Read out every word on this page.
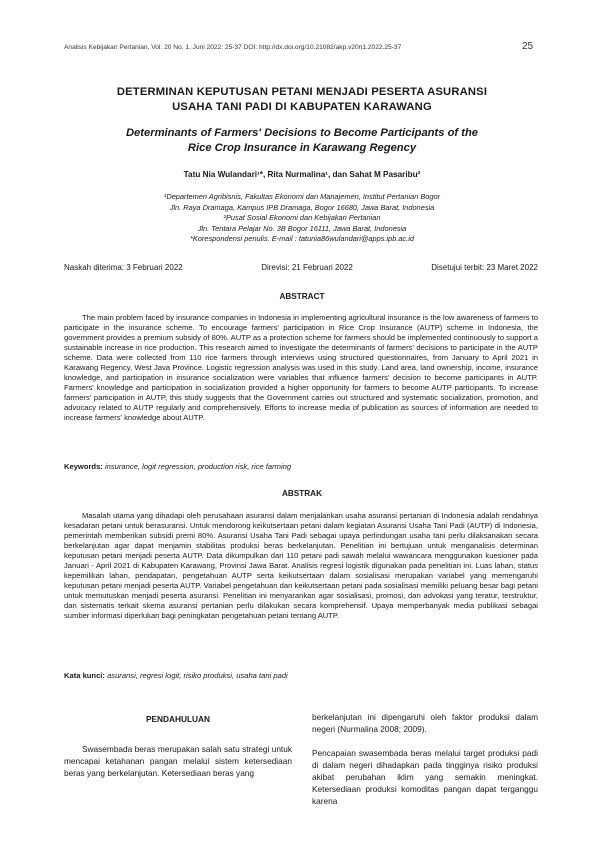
Analisis Kebijakan Pertanian, Vol. 20 No. 1, Juni 2022: 25-37 DOI: http://dx.doi.org/10.21082/akp.v20n1.2022.25-37	25
DETERMINAN KEPUTUSAN PETANI MENJADI PESERTA ASURANSI
USAHA TANI PADI DI KABUPATEN KARAWANG
Determinants of Farmers' Decisions to Become Participants of the
Rice Crop Insurance in Karawang Regency
Tatu Nia Wulandari¹*, Rita Nurmalina¹, dan Sahat M Pasaribu²
¹Departemen Agribisnis, Fakultas Ekonomi dan Manajemen, Institut Pertanian Bogor
Jln. Raya Dramaga, Kampus IPB Dramaga, Bogor 16680, Jawa Barat, Indonesia
²Pusat Sosial Ekonomi dan Kebijakan Pertanian
Jln. Tentara Pelajar No. 3B Bogor 16111, Jawa Barat, Indonesia
*Korespondensi penulis. E-mail : tatunia86wulandari@apps.ipb.ac.id
Naskah diterima: 3 Februari 2022	Direvisi: 21 Februari 2022	Disetujui terbit: 23 Maret 2022
ABSTRACT
The main problem faced by insurance companies in Indonesia in implementing agricultural insurance is the low awareness of farmers to participate in the insurance scheme. To encourage farmers' participation in Rice Crop Insurance (AUTP) scheme in Indonesia, the government provides a premium subsidy of 80%. AUTP as a protection scheme for farmers should be implemented continuously to support a sustainable increase in rice production. This research aimed to investigate the determinants of farmers' decisions to participate in the AUTP scheme. Data were collected from 110 rice farmers through interviews using structured questionnaires, from January to April 2021 in Karawang Regency, West Java Province. Logistic regression analysis was used in this study. Land area, land ownership, income, insurance knowledge, and participation in insurance socialization were variables that influence farmers' decision to become participants in AUTP. Farmers' knowledge and participation in socialization provided a higher opportunity for farmers to become AUTP participants. To increase farmers' participation in AUTP, this study suggests that the Government carries out structured and systematic socialization, promotion, and advocacy related to AUTP regularly and comprehensively. Efforts to increase media of publication as sources of information are needed to increase farmers' knowledge about AUTP.
Keywords: insurance, logit regression, production risk, rice farming
ABSTRAK
Masalah utama yang dihadapi oleh perusahaan asuransi dalam menjalankan usaha asuransi pertanian di Indonesia adalah rendahnya kesadaran petani untuk berasuransi. Untuk mendorong keikutsertaan petani dalam kegiatan Asuransi Usaha Tani Padi (AUTP) di Indonesia, pemerintah memberikan subsidi premi 80%. Asuransi Usaha Tani Padi sebagai upaya perlindungan usaha tani perlu dilaksanakan secara berkelanjutan agar dapat menjamin stabilitas produksi beras berkelanjutan. Penelitian ini bertujuan untuk menganalisis determinan keputusan petani menjadi peserta AUTP. Data dikumpulkan dari 110 petani padi sawah melalui wawancara menggunakan kuesioner pada Januari - April 2021 di Kabupaten Karawang, Provinsi Jawa Barat. Analisis regresi logistik digunakan pada penelitian ini. Luas lahan, status kepemilikan lahan, pendapatan, pengetahuan AUTP serta keikutsertaan dalam sosialisasi merupakan variabel yang memengaruhi keputusan petani menjadi peserta AUTP. Variabel pengetahuan dan keikutsertaan petani pada sosialisasi memiliki peluang besar bagi petani untuk memutuskan menjadi peserta asuransi. Penelitian ini menyarankan agar sosialisasi, promosi, dan advokasi yang teratur, terstruktur, dan sistematis terkait skema asuransi pertanian perlu dilakukan secara komprehensif. Upaya memperbanyak media publikasi sebagai sumber informasi diperlukan bagi peningkatan pengetahuan petani tentang AUTP.
Kata kunci: asuransi, regresi logit, risiko produksi, usaha tani padi
PENDAHULUAN
Swasembada beras merupakan salah satu strategi untuk mencapai ketahanan pangan melalui sistem ketersediaan beras yang berkelanjutan. Ketersediaan beras yang
berkelanjutan ini dipengaruhi oleh faktor produksi dalam negeri (Nurmalina 2008; 2009).
Pencapaian swasembada beras melalui target produksi padi di dalam negeri dihadapkan pada tingginya risiko produksi akibat perubahan iklim yang semakin meningkat. Ketersediaan produksi komoditas pangan dapat terganggu karena
